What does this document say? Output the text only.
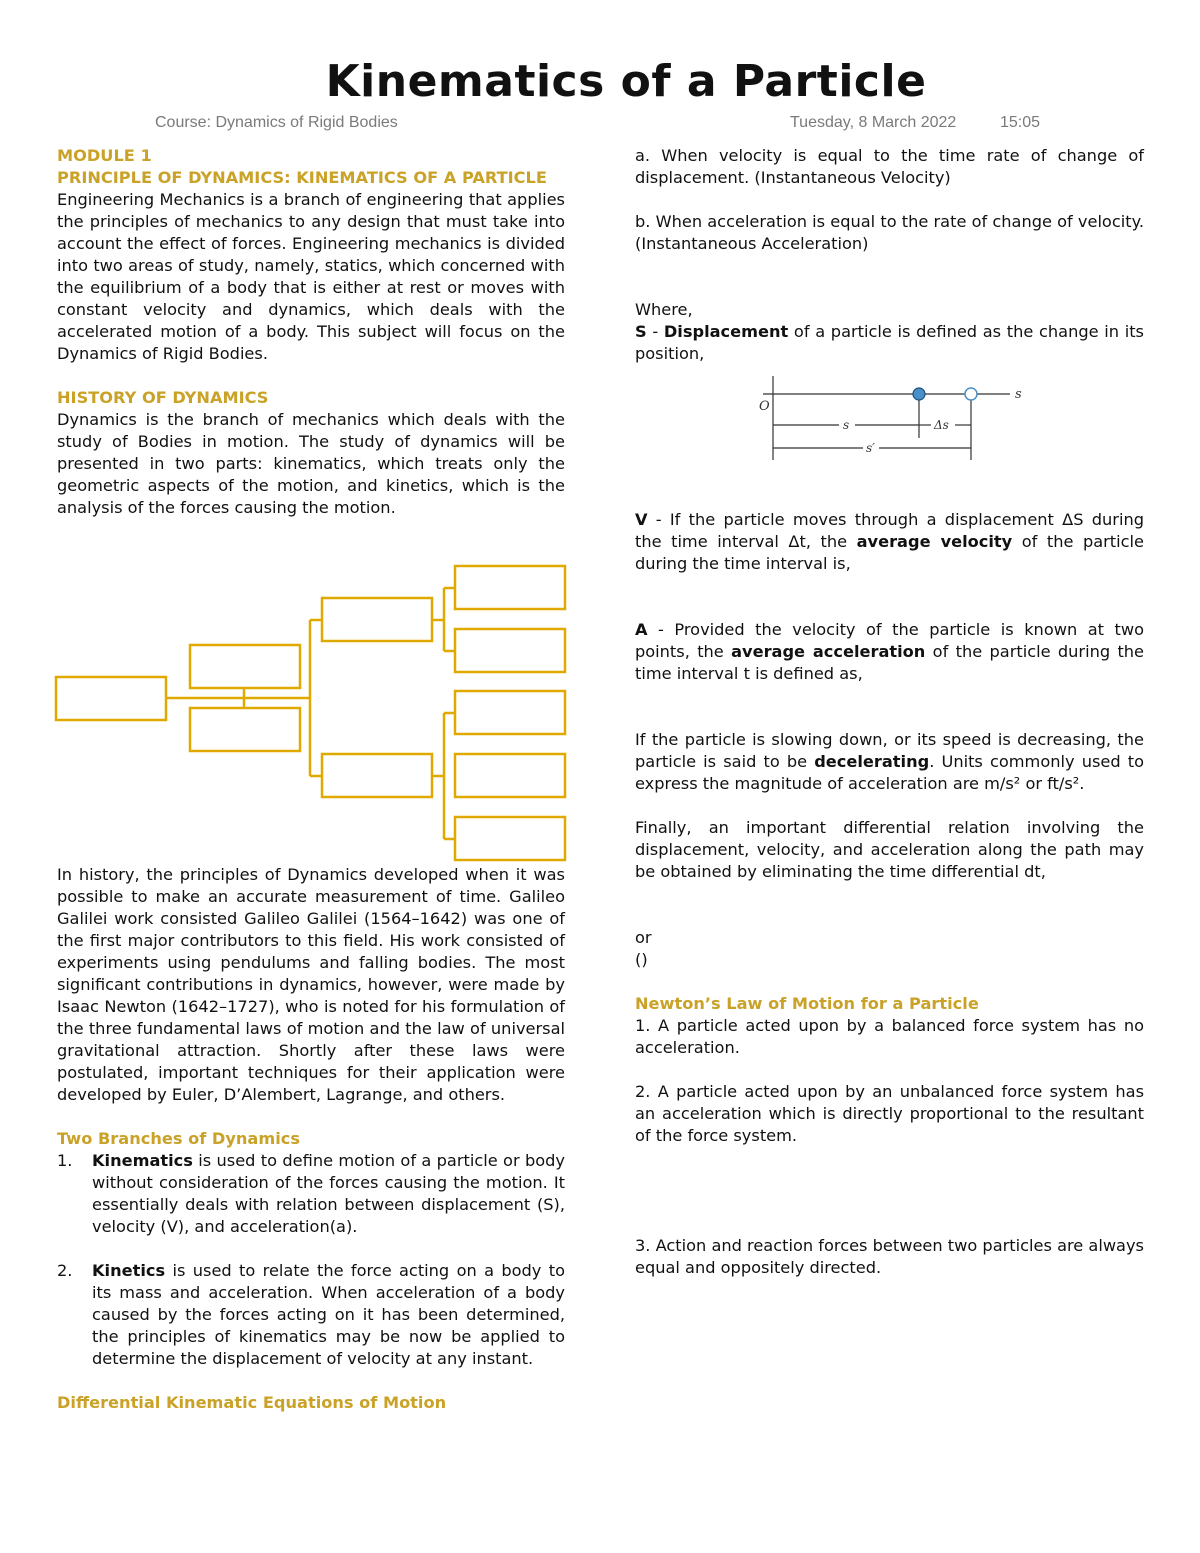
Kinematics of a Particle
Course: Dynamics of Rigid Bodies	Tuesday, 8 March 2022	15:05

MODULE 1

PRINCIPLE OF DYNAMICS: KINEMATICS OF A PARTICLE

Engineering Mechanics is a branch of engineering that applies the principles of mechanics to any design that must take into account the effect of forces. Engineering mechanics is divided into two areas of study, namely, statics, which concerned with the equilibrium of a body that is either at rest or moves with constant velocity and dynamics, which deals with the accelerated motion of a body. This subject will focus on the Dynamics of Rigid Bodies.

HISTORY OF DYNAMICS

Dynamics is the branch of mechanics which deals with the study of Bodies in motion. The study of dynamics will be presented in two parts: kinematics, which treats only the geometric aspects of the motion, and kinetics, which is the analysis of the forces causing the motion.

In history, the principles of Dynamics developed when it was possible to make an accurate measurement of time. Galileo Galilei work consisted Galileo Galilei (1564–1642) was one of the first major contributors to this field. His work consisted of experiments using pendulums and falling bodies. The most significant contributions in dynamics, however, were made by Isaac Newton (1642–1727), who is noted for his formulation of the three fundamental laws of motion and the law of universal gravitational attraction. Shortly after these laws were postulated, important techniques for their application were developed by Euler, D’Alembert, Lagrange, and others.

Two Branches of Dynamics

1. Kinematics is used to define motion of a particle or body without consideration of the forces causing the motion. It essentially deals with relation between displacement (S), velocity (V), and acceleration(a).
2. Kinetics is used to relate the force acting on a body to its mass and acceleration. When acceleration of a body caused by the forces acting on it has been determined, the principles of kinematics may be now be applied to determine the displacement of velocity at any instant.

Differential Kinematic Equations of Motion

a. When velocity is equal to the time rate of change of displacement. (Instantaneous Velocity)

b. When acceleration is equal to the rate of change of velocity. (Instantaneous Acceleration)

Where,

S - Displacement of a particle is defined as the change in its position,

O
s
s	Δs
s′

V - If the particle moves through a displacement ΔS during the time interval Δt, the average velocity of the particle during the time interval is,

A - Provided the velocity of the particle is known at two points, the average acceleration of the particle during the time interval t is defined as,

If the particle is slowing down, or its speed is decreasing, the particle is said to be decelerating. Units commonly used to express the magnitude of acceleration are m/s² or ft/s².

Finally, an important differential relation involving the displacement, velocity, and acceleration along the path may be obtained by eliminating the time differential dt,

or

()

Newton’s Law of Motion for a Particle

1. A particle acted upon by a balanced force system has no acceleration.

2. A particle acted upon by an unbalanced force system has an acceleration which is directly proportional to the resultant of the force system.

3. Action and reaction forces between two particles are always equal and oppositely directed.
